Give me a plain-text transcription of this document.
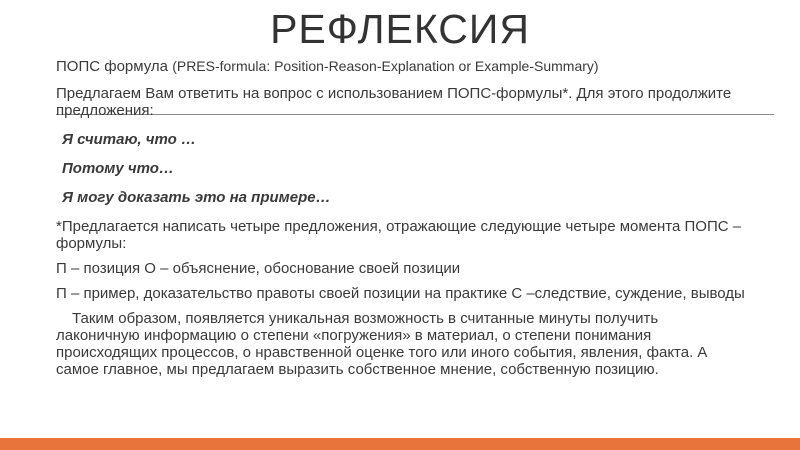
РЕФЛЕКСИЯ

ПОПС формула (PRES-formula: Position-Reason-Explanation or Example-Summary)

Предлагаем Вам ответить на вопрос с использованием ПОПС-формулы*. Для этого продолжите предложения:

Я считаю, что …

Потому что…

Я могу доказать это на примере…

*Предлагается написать четыре предложения, отражающие следующие четыре момента ПОПС –формулы:

П – позиция О – объяснение, обоснование своей позиции

П – пример, доказательство правоты своей позиции на практике С –следствие, суждение, выводы

Таким образом, появляется уникальная возможность в считанные минуты получить лаконичную информацию о степени «погружения» в материал, о степени понимания происходящих процессов, о нравственной оценке того или иного события, явления, факта. А самое главное, мы предлагаем выразить собственное мнение, собственную позицию.
